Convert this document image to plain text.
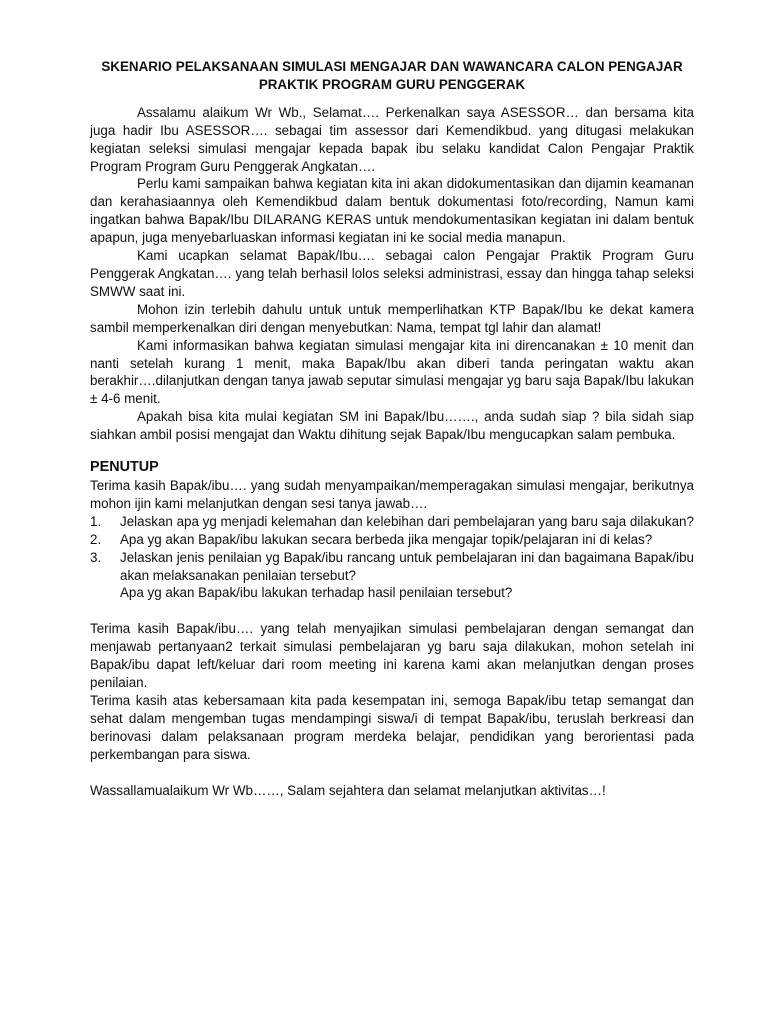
SKENARIO PELAKSANAAN SIMULASI MENGAJAR DAN WAWANCARA CALON PENGAJAR
PRAKTIK PROGRAM GURU PENGGERAK

Assalamu alaikum Wr Wb., Selamat…. Perkenalkan saya ASESSOR… dan bersama kita juga hadir Ibu ASESSOR…. sebagai tim assessor dari Kemendikbud. yang ditugasi melakukan kegiatan seleksi simulasi mengajar kepada bapak ibu selaku kandidat Calon Pengajar Praktik Program Program Guru Penggerak Angkatan….

Perlu kami sampaikan bahwa kegiatan kita ini akan didokumentasikan dan dijamin keamanan dan kerahasiaannya oleh Kemendikbud dalam bentuk dokumentasi foto/recording, Namun kami ingatkan bahwa Bapak/Ibu DILARANG KERAS untuk mendokumentasikan kegiatan ini dalam bentuk apapun, juga menyebarluaskan informasi kegiatan ini ke social media manapun.

Kami ucapkan selamat Bapak/Ibu…. sebagai calon Pengajar Praktik Program Guru Penggerak Angkatan…. yang telah berhasil lolos seleksi administrasi, essay dan hingga tahap seleksi SMWW saat ini.

Mohon izin terlebih dahulu untuk untuk memperlihatkan KTP Bapak/Ibu ke dekat kamera sambil memperkenalkan diri dengan menyebutkan: Nama, tempat tgl lahir dan alamat!

Kami informasikan bahwa kegiatan simulasi mengajar kita ini direncanakan ± 10 menit dan nanti setelah kurang 1 menit, maka Bapak/Ibu akan diberi tanda peringatan waktu akan berakhir….dilanjutkan dengan tanya jawab seputar simulasi mengajar yg baru saja Bapak/Ibu lakukan ± 4-6 menit.

Apakah bisa kita mulai kegiatan SM ini Bapak/Ibu……., anda sudah siap ? bila sidah siap siahkan ambil posisi mengajat dan Waktu dihitung sejak Bapak/Ibu mengucapkan salam pembuka.

PENUTUP

Terima kasih Bapak/ibu…. yang sudah menyampaikan/memperagakan simulasi mengajar, berikutnya mohon ijin kami melanjutkan dengan sesi tanya jawab….

1. Jelaskan apa yg menjadi kelemahan dan kelebihan dari pembelajaran yang baru saja dilakukan?
2. Apa yg akan Bapak/ibu lakukan secara berbeda jika mengajar topik/pelajaran ini di kelas?
3. Jelaskan jenis penilaian yg Bapak/ibu rancang untuk pembelajaran ini dan bagaimana Bapak/ibu akan melaksanakan penilaian tersebut?
Apa yg akan Bapak/ibu lakukan terhadap hasil penilaian tersebut?

Terima kasih Bapak/ibu…. yang telah menyajikan simulasi pembelajaran dengan semangat dan menjawab pertanyaan2 terkait simulasi pembelajaran yg baru saja dilakukan, mohon setelah ini Bapak/ibu dapat left/keluar dari room meeting ini karena kami akan melanjutkan dengan proses penilaian.

Terima kasih atas kebersamaan kita pada kesempatan ini, semoga Bapak/ibu tetap semangat dan sehat dalam mengemban tugas mendampingi siswa/i di tempat Bapak/ibu, teruslah berkreasi dan berinovasi dalam pelaksanaan program merdeka belajar, pendidikan yang berorientasi pada perkembangan para siswa.

Wassallamualaikum Wr Wb……, Salam sejahtera dan selamat melanjutkan aktivitas…!
